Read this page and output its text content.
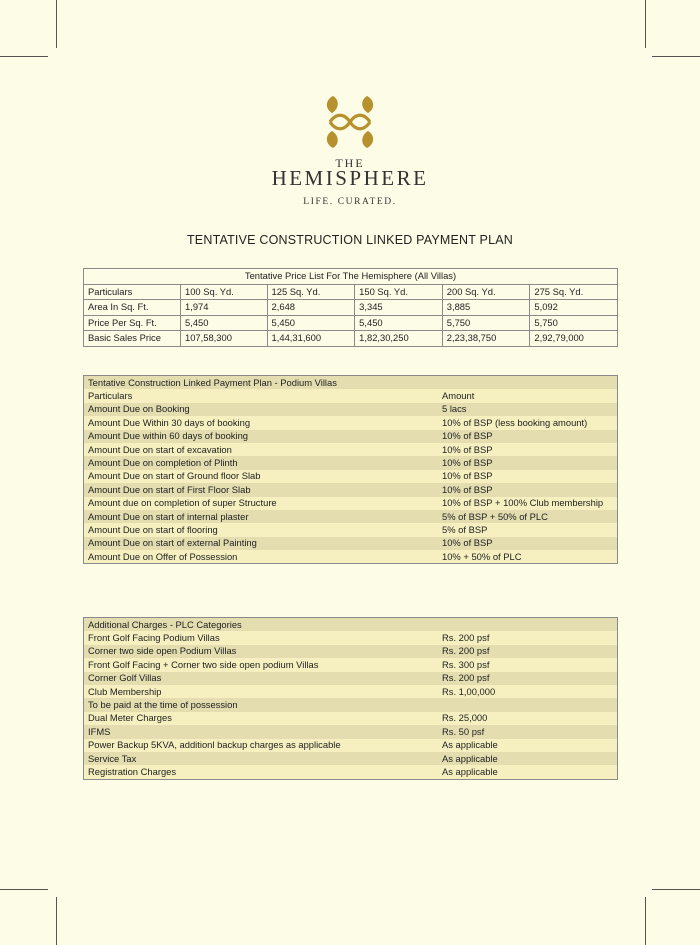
THE
HEMISPHERE
LIFE. CURATED.
TENTATIVE CONSTRUCTION LINKED PAYMENT PLAN
Tentative Price List For The Hemisphere (All Villas)					
Particulars	100 Sq. Yd.	125 Sq. Yd.	150 Sq. Yd.	200 Sq. Yd.	275 Sq. Yd.
Area In Sq. Ft.	1,974	2,648	3,345	3,885	5,092
Price Per Sq. Ft.	5,450	5,450	5,450	5,750	5,750
Basic Sales Price	107,58,300	1,44,31,600	1,82,30,250	2,23,38,750	2,92,79,000
Tentative Construction Linked Payment Plan - Podium Villas	
Particulars	Amount
Amount Due on Booking	5 lacs
Amount Due Within 30 days of booking	10% of BSP (less booking amount)
Amount Due within 60 days of booking	10% of BSP
Amount Due on start of excavation	10% of BSP
Amount Due on completion of Plinth	10% of BSP
Amount Due on start of Ground floor Slab	10% of BSP
Amount Due on start of First Floor Slab	10% of BSP
Amount due on completion of super Structure	10% of BSP + 100% Club membership
Amount Due on start of internal plaster	5% of BSP + 50% of PLC
Amount Due on start of flooring	5% of BSP
Amount Due on start of external Painting	10% of BSP
Amount Due on Offer of Possession	10% + 50% of PLC
Additional Charges - PLC Categories	
Front Golf Facing Podium Villas	Rs. 200 psf
Corner two side open Podium Villas	Rs. 200 psf
Front Golf Facing + Corner two side open podium Villas	Rs. 300 psf
Corner Golf Villas	Rs. 200 psf
Club Membership	Rs. 1,00,000
To be paid at the time of possession	
Dual Meter Charges	Rs. 25,000
IFMS	Rs. 50 psf
Power Backup 5KVA, additionl backup charges as applicable	As applicable
Service Tax	As applicable
Registration Charges	As applicable
